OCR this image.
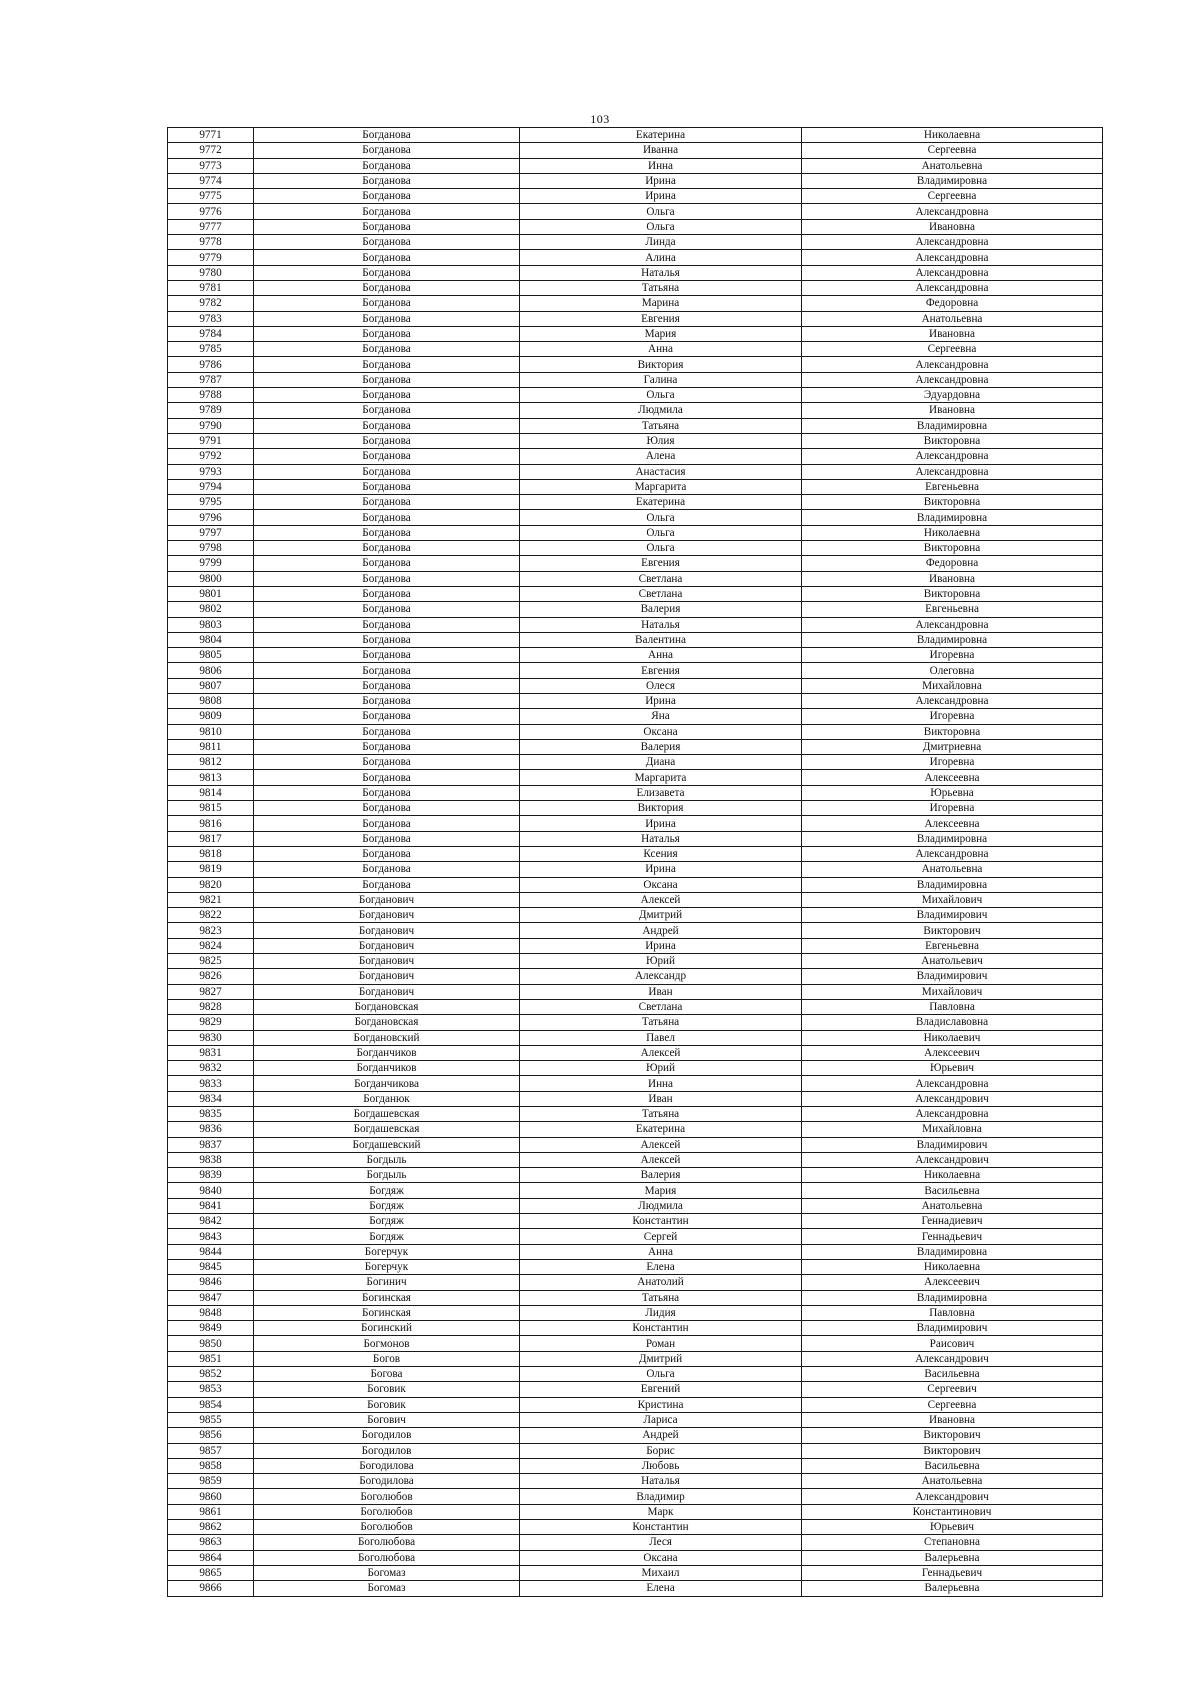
103
9771	Богданова	Екатерина	Николаевна
9772	Богданова	Иванна	Сергеевна
9773	Богданова	Инна	Анатольевна
9774	Богданова	Ирина	Владимировна
9775	Богданова	Ирина	Сергеевна
9776	Богданова	Ольга	Александровна
9777	Богданова	Ольга	Ивановна
9778	Богданова	Линда	Александровна
9779	Богданова	Алина	Александровна
9780	Богданова	Наталья	Александровна
9781	Богданова	Татьяна	Александровна
9782	Богданова	Марина	Федоровна
9783	Богданова	Евгения	Анатольевна
9784	Богданова	Мария	Ивановна
9785	Богданова	Анна	Сергеевна
9786	Богданова	Виктория	Александровна
9787	Богданова	Галина	Александровна
9788	Богданова	Ольга	Эдуардовна
9789	Богданова	Людмила	Ивановна
9790	Богданова	Татьяна	Владимировна
9791	Богданова	Юлия	Викторовна
9792	Богданова	Алена	Александровна
9793	Богданова	Анастасия	Александровна
9794	Богданова	Маргарита	Евгеньевна
9795	Богданова	Екатерина	Викторовна
9796	Богданова	Ольга	Владимировна
9797	Богданова	Ольга	Николаевна
9798	Богданова	Ольга	Викторовна
9799	Богданова	Евгения	Федоровна
9800	Богданова	Светлана	Ивановна
9801	Богданова	Светлана	Викторовна
9802	Богданова	Валерия	Евгеньевна
9803	Богданова	Наталья	Александровна
9804	Богданова	Валентина	Владимировна
9805	Богданова	Анна	Игоревна
9806	Богданова	Евгения	Олеговна
9807	Богданова	Олеся	Михайловна
9808	Богданова	Ирина	Александровна
9809	Богданова	Яна	Игоревна
9810	Богданова	Оксана	Викторовна
9811	Богданова	Валерия	Дмитриевна
9812	Богданова	Диана	Игоревна
9813	Богданова	Маргарита	Алексеевна
9814	Богданова	Елизавета	Юрьевна
9815	Богданова	Виктория	Игоревна
9816	Богданова	Ирина	Алексеевна
9817	Богданова	Наталья	Владимировна
9818	Богданова	Ксения	Александровна
9819	Богданова	Ирина	Анатольевна
9820	Богданова	Оксана	Владимировна
9821	Богданович	Алексей	Михайлович
9822	Богданович	Дмитрий	Владимирович
9823	Богданович	Андрей	Викторович
9824	Богданович	Ирина	Евгеньевна
9825	Богданович	Юрий	Анатольевич
9826	Богданович	Александр	Владимирович
9827	Богданович	Иван	Михайлович
9828	Богдановская	Светлана	Павловна
9829	Богдановская	Татьяна	Владиславовна
9830	Богдановский	Павел	Николаевич
9831	Богданчиков	Алексей	Алексеевич
9832	Богданчиков	Юрий	Юрьевич
9833	Богданчикова	Инна	Александровна
9834	Богданюк	Иван	Александрович
9835	Богдашевская	Татьяна	Александровна
9836	Богдашевская	Екатерина	Михайловна
9837	Богдашевский	Алексей	Владимирович
9838	Богдыль	Алексей	Александрович
9839	Богдыль	Валерия	Николаевна
9840	Богдяж	Мария	Васильевна
9841	Богдяж	Людмила	Анатольевна
9842	Богдяж	Константин	Геннадиевич
9843	Богдяж	Сергей	Геннадьевич
9844	Богерчук	Анна	Владимировна
9845	Богерчук	Елена	Николаевна
9846	Богинич	Анатолий	Алексеевич
9847	Богинская	Татьяна	Владимировна
9848	Богинская	Лидия	Павловна
9849	Богинский	Константин	Владимирович
9850	Богмонов	Роман	Раисович
9851	Богов	Дмитрий	Александрович
9852	Богова	Ольга	Васильевна
9853	Боговик	Евгений	Сергеевич
9854	Боговик	Кристина	Сергеевна
9855	Богович	Лариса	Ивановна
9856	Богодилов	Андрей	Викторович
9857	Богодилов	Борис	Викторович
9858	Богодилова	Любовь	Васильевна
9859	Богодилова	Наталья	Анатольевна
9860	Боголюбов	Владимир	Александрович
9861	Боголюбов	Марк	Константинович
9862	Боголюбов	Константин	Юрьевич
9863	Боголюбова	Леся	Степановна
9864	Боголюбова	Оксана	Валерьевна
9865	Богомаз	Михаил	Геннадьевич
9866	Богомаз	Елена	Валерьевна
